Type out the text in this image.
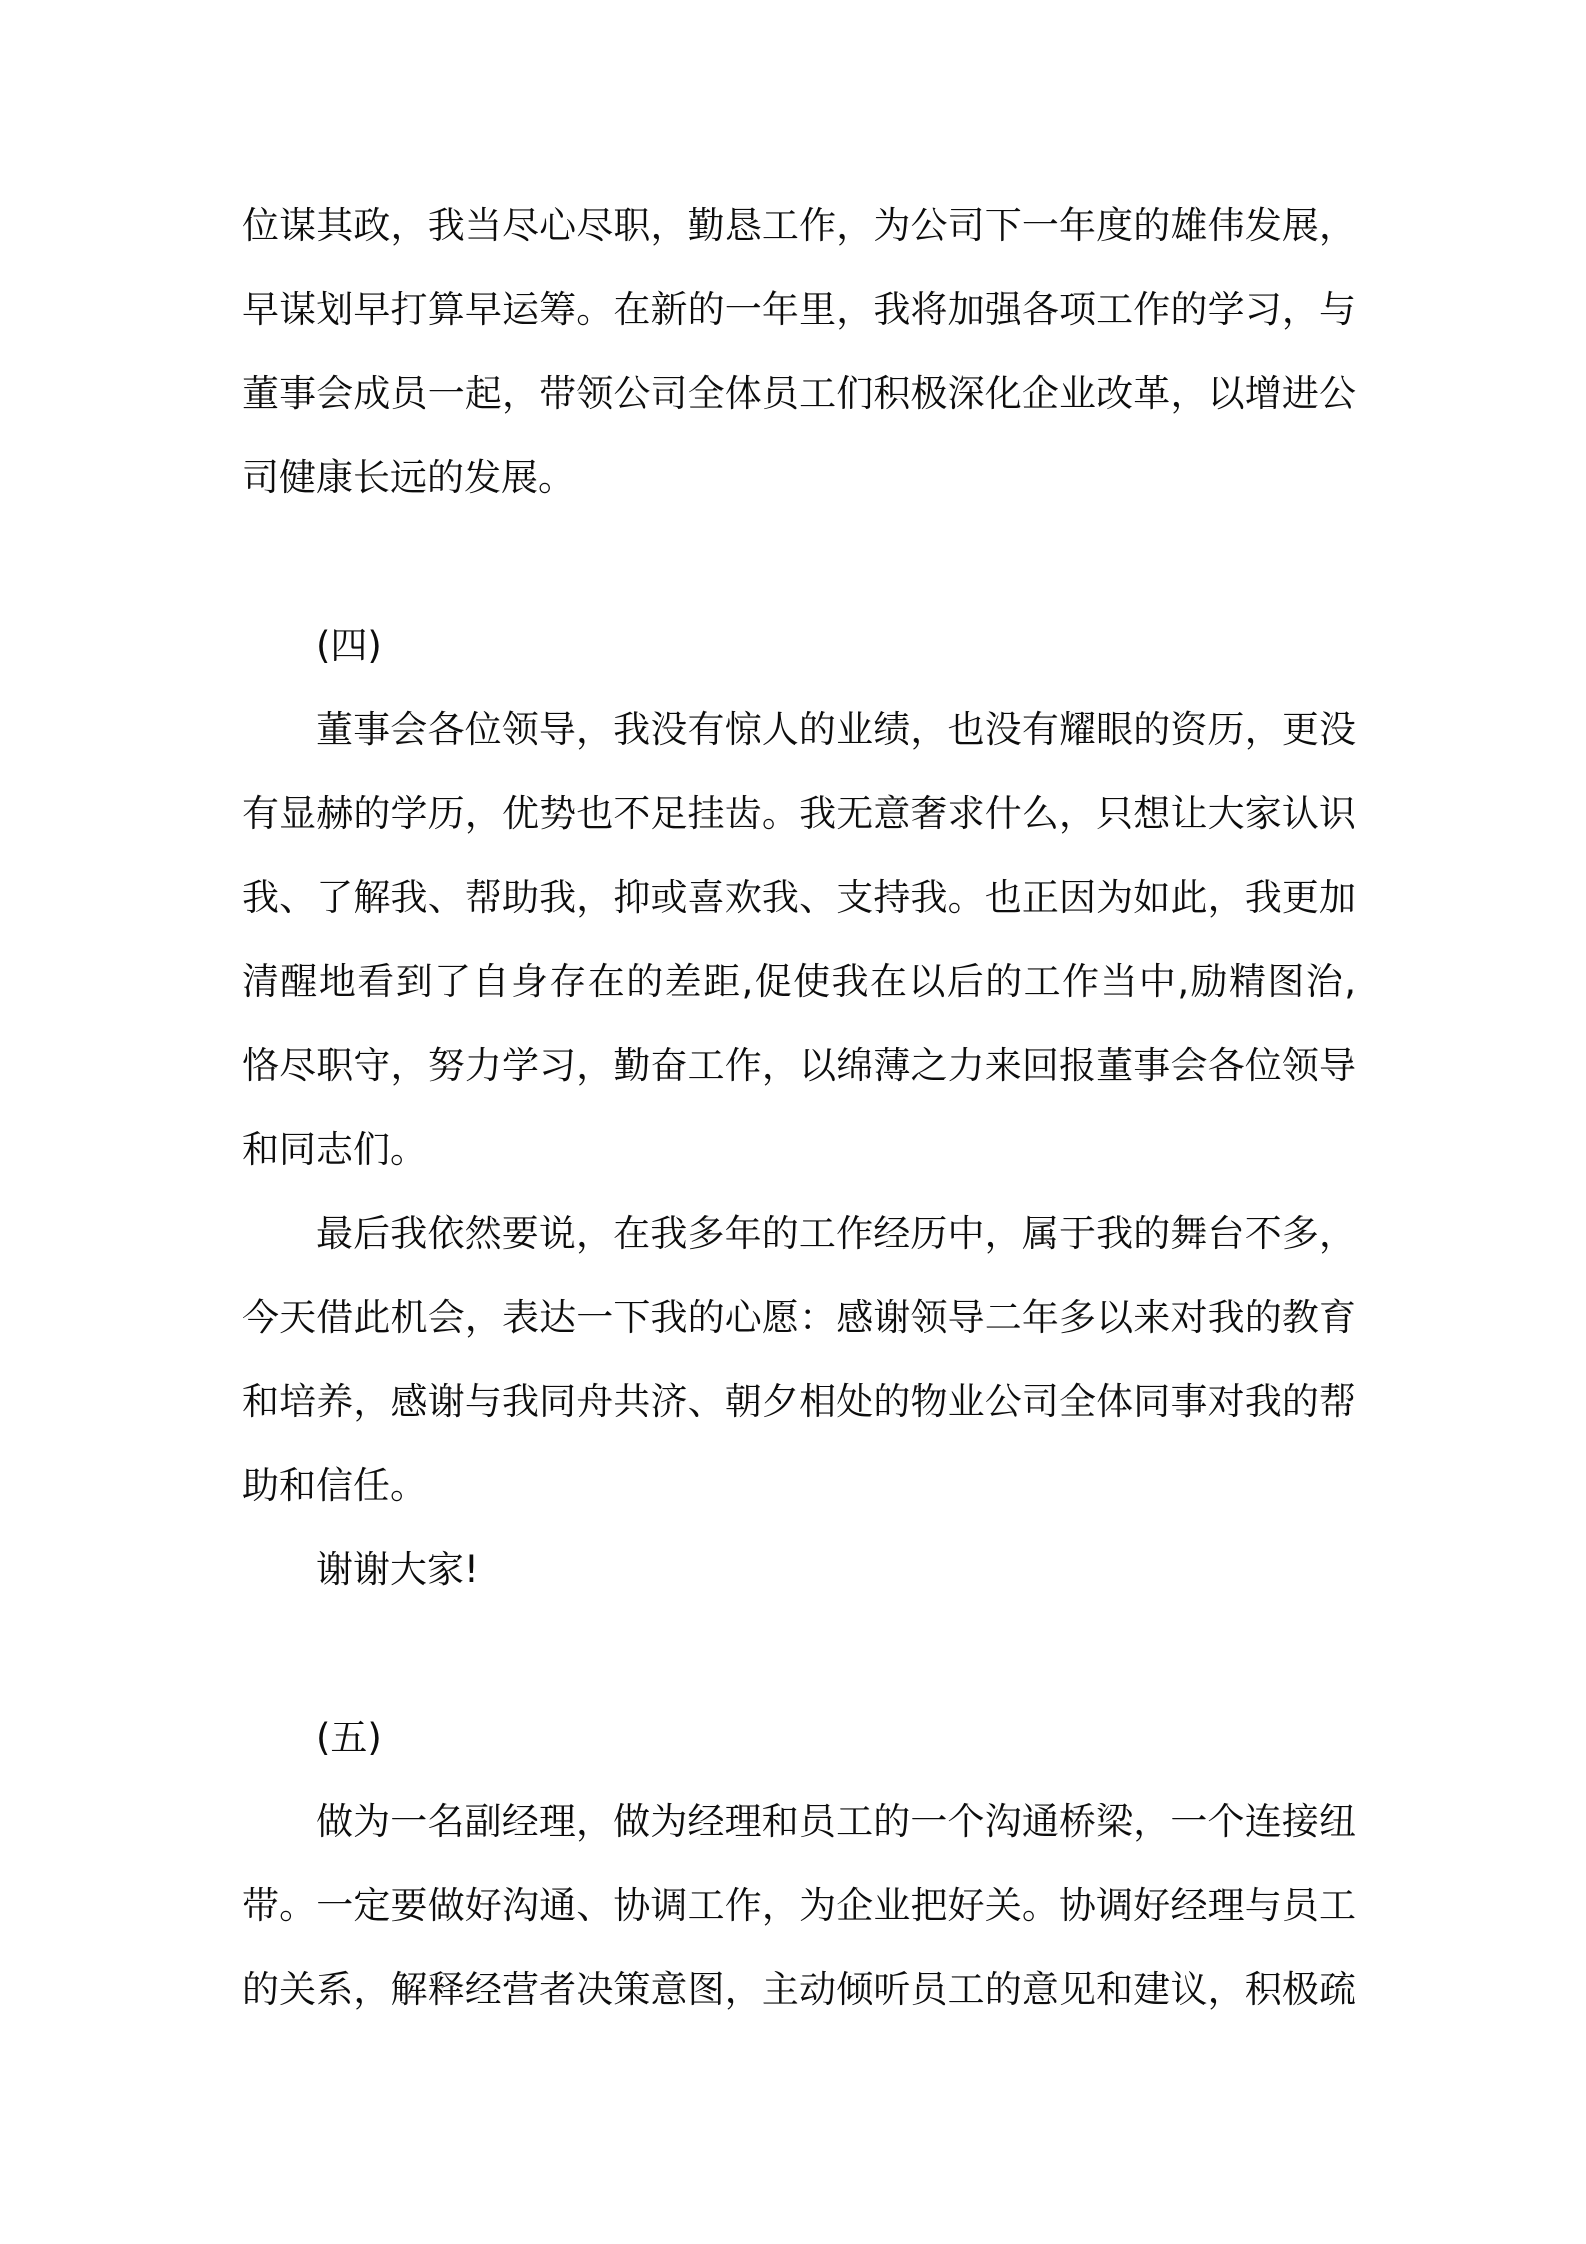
位谋其政，我当尽心尽职，勤恳工作，为公司下一年度的雄伟发展，
早谋划早打算早运筹。在新的一年里，我将加强各项工作的学习，与
董事会成员一起，带领公司全体员工们积极深化企业改革，以增进公
司健康长远的发展。
(四)
董事会各位领导，我没有惊人的业绩，也没有耀眼的资历，更没
有显赫的学历，优势也不足挂齿。我无意奢求什么，只想让大家认识
我、了解我、帮助我，抑或喜欢我、支持我。也正因为如此，我更加
清醒地看到了自身存在的差距,促使我在以后的工作当中,励精图治,
恪尽职守，努力学习，勤奋工作，以绵薄之力来回报董事会各位领导
和同志们。
最后我依然要说，在我多年的工作经历中，属于我的舞台不多，
今天借此机会，表达一下我的心愿：感谢领导二年多以来对我的教育
和培养，感谢与我同舟共济、朝夕相处的物业公司全体同事对我的帮
助和信任。
谢谢大家!
(五)
做为一名副经理，做为经理和员工的一个沟通桥梁，一个连接纽
带。一定要做好沟通、协调工作，为企业把好关。协调好经理与员工
的关系，解释经营者决策意图，主动倾听员工的意见和建议，积极疏
